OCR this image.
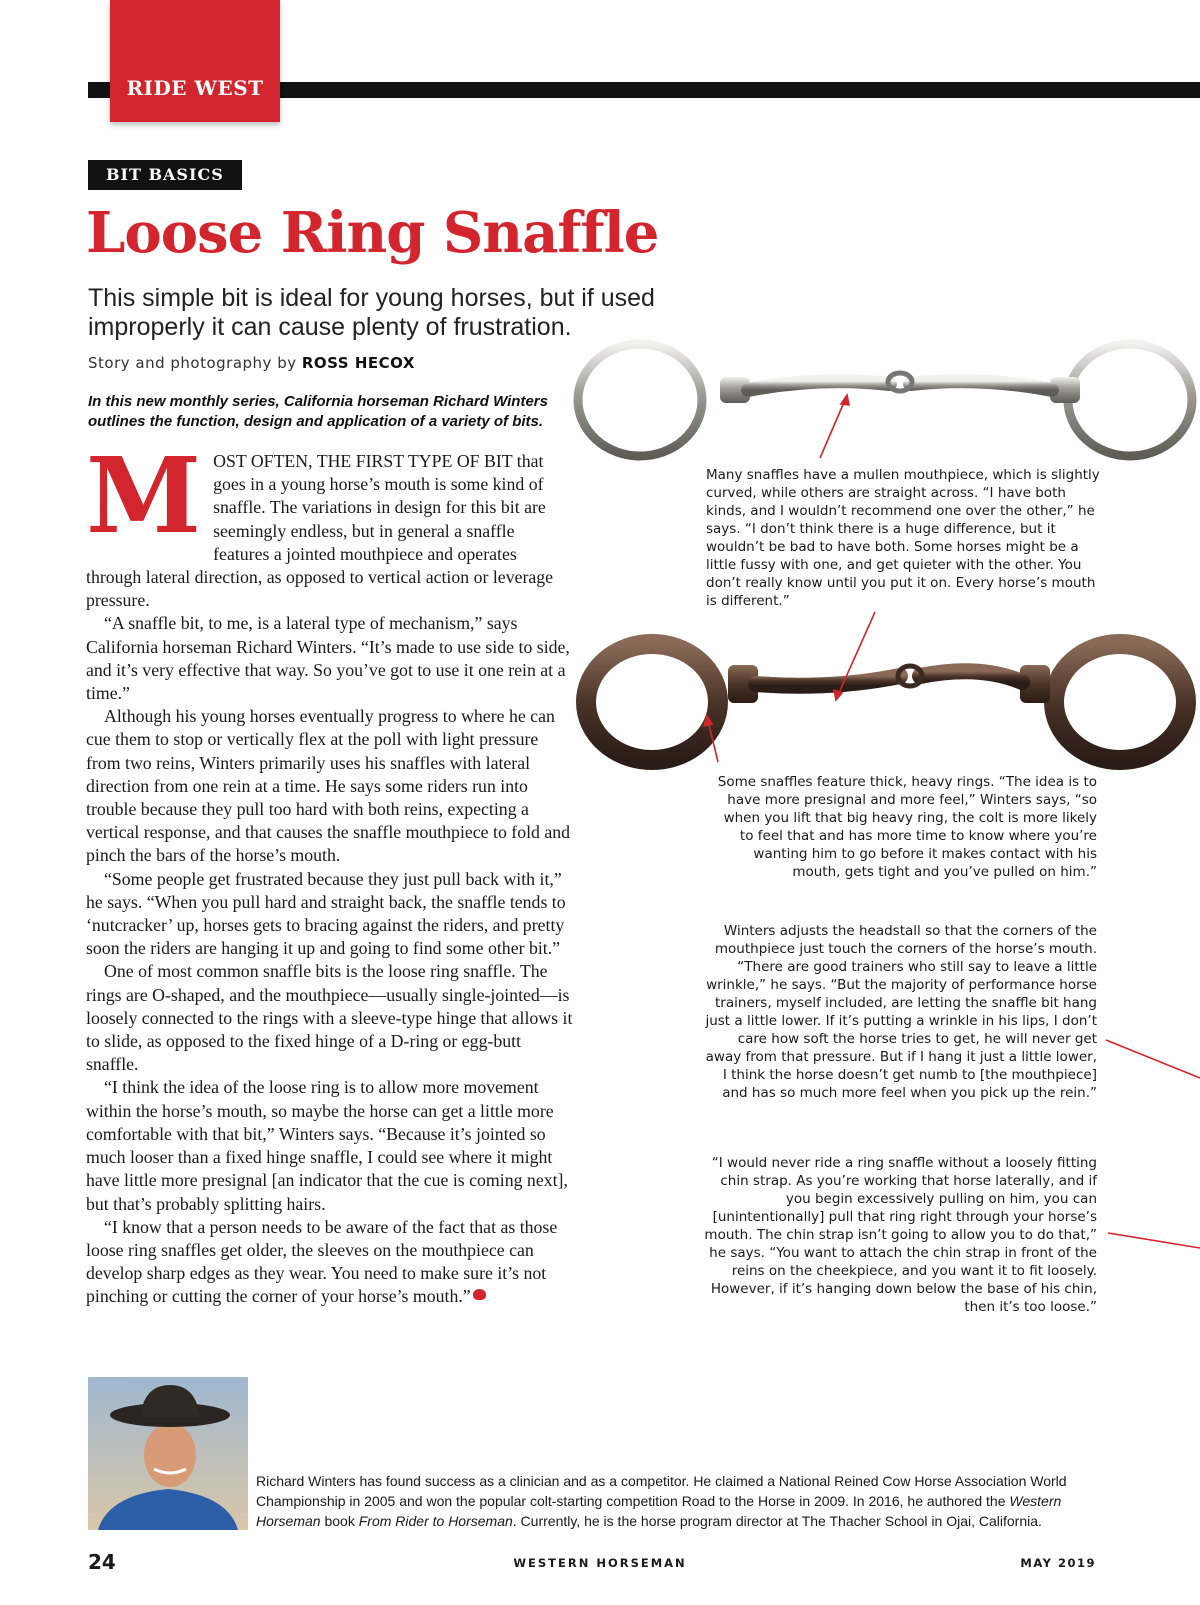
RIDE WEST
BIT BASICS
Loose Ring Snaffle

This simple bit is ideal for young horses, but if used improperly it can cause plenty of frustration.

Story and photography by ROSS HECOX

In this new monthly series, California horseman Richard Winters outlines the function, design and application of a variety of bits.

MOST OFTEN, THE FIRST TYPE OF BIT that goes in a young horse’s mouth is some kind of snaffle. The variations in design for this bit are seemingly endless, but in general a snaffle features a jointed mouthpiece and operates through lateral direction, as opposed to vertical action or leverage pressure.

“A snaffle bit, to me, is a lateral type of mechanism,” says California horseman Richard Winters. “It’s made to use side to side, and it’s very effective that way. So you’ve got to use it one rein at a time.”

Although his young horses eventually progress to where he can cue them to stop or vertically flex at the poll with light pressure from two reins, Winters primarily uses his snaffles with lateral direction from one rein at a time. He says some riders run into trouble because they pull too hard with both reins, expecting a vertical response, and that causes the snaffle mouthpiece to fold and pinch the bars of the horse’s mouth.

“Some people get frustrated because they just pull back with it,” he says. “When you pull hard and straight back, the snaffle tends to ‘nutcracker’ up, horses gets to bracing against the riders, and pretty soon the riders are hanging it up and going to find some other bit.”

One of most common snaffle bits is the loose ring snaffle. The rings are O-shaped, and the mouthpiece—usually single-jointed—is loosely connected to the rings with a sleeve-type hinge that allows it to slide, as opposed to the fixed hinge of a D-ring or egg-butt snaffle.

“I think the idea of the loose ring is to allow more movement within the horse’s mouth, so maybe the horse can get a little more comfortable with that bit,” Winters says. “Because it’s jointed so much looser than a fixed hinge snaffle, I could see where it might have little more presignal [an indicator that the cue is coming next], but that’s probably splitting hairs.

“I know that a person needs to be aware of the fact that as those loose ring snaffles get older, the sleeves on the mouthpiece can develop sharp edges as they wear. You need to make sure it’s not pinching or cutting the corner of your horse’s mouth.”

Many snaffles have a mullen mouthpiece, which is slightly curved, while others are straight across. “I have both kinds, and I wouldn’t recommend one over the other,” he says. “I don’t think there is a huge difference, but it wouldn’t be bad to have both. Some horses might be a little fussy with one, and get quieter with the other. You don’t really know until you put it on. Every horse’s mouth is different.”

Some snaffles feature thick, heavy rings. “The idea is to have more presignal and more feel,” Winters says, “so when you lift that big heavy ring, the colt is more likely to feel that and has more time to know where you’re wanting him to go before it makes contact with his mouth, gets tight and you’ve pulled on him.”

Winters adjusts the headstall so that the corners of the mouthpiece just touch the corners of the horse’s mouth. “There are good trainers who still say to leave a little wrinkle,” he says. “But the majority of performance horse trainers, myself included, are letting the snaffle bit hang just a little lower. If it’s putting a wrinkle in his lips, I don’t care how soft the horse tries to get, he will never get away from that pressure. But if I hang it just a little lower, I think the horse doesn’t get numb to [the mouthpiece] and has so much more feel when you pick up the rein.”

“I would never ride a ring snaffle without a loosely fitting chin strap. As you’re working that horse laterally, and if you begin excessively pulling on him, you can [unintentionally] pull that ring right through your horse’s mouth. The chin strap isn’t going to allow you to do that,” he says. “You want to attach the chin strap in front of the reins on the cheekpiece, and you want it to fit loosely. However, if it’s hanging down below the base of his chin, then it’s too loose.”

Richard Winters has found success as a clinician and as a competitor. He claimed a National Reined Cow Horse Association World Championship in 2005 and won the popular colt-starting competition Road to the Horse in 2009. In 2016, he authored the Western Horseman book From Rider to Horseman. Currently, he is the horse program director at The Thacher School in Ojai, California.

24	WESTERN HORSEMAN	MAY 2019
